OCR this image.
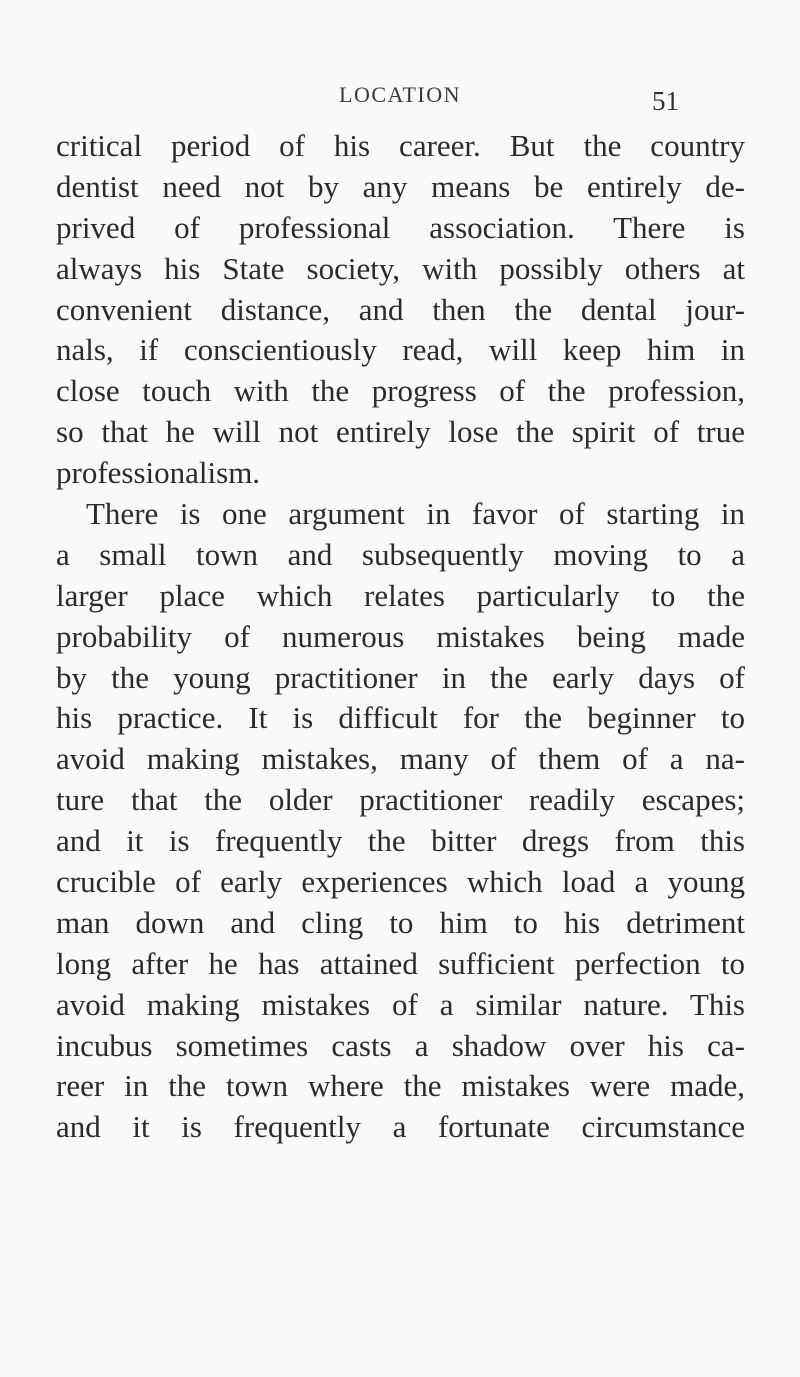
LOCATION	51
critical period of his career. But the country
dentist need not by any means be entirely de-
prived of professional association. There is
always his State society, with possibly others at
convenient distance, and then the dental jour-
nals, if conscientiously read, will keep him in
close touch with the progress of the profession,
so that he will not entirely lose the spirit of true
professionalism.
There is one argument in favor of starting in
a small town and subsequently moving to a
larger place which relates particularly to the
probability of numerous mistakes being made
by the young practitioner in the early days of
his practice. It is difficult for the beginner to
avoid making mistakes, many of them of a na-
ture that the older practitioner readily escapes;
and it is frequently the bitter dregs from this
crucible of early experiences which load a young
man down and cling to him to his detriment
long after he has attained sufficient perfection to
avoid making mistakes of a similar nature. This
incubus sometimes casts a shadow over his ca-
reer in the town where the mistakes were made,
and it is frequently a fortunate circumstance
